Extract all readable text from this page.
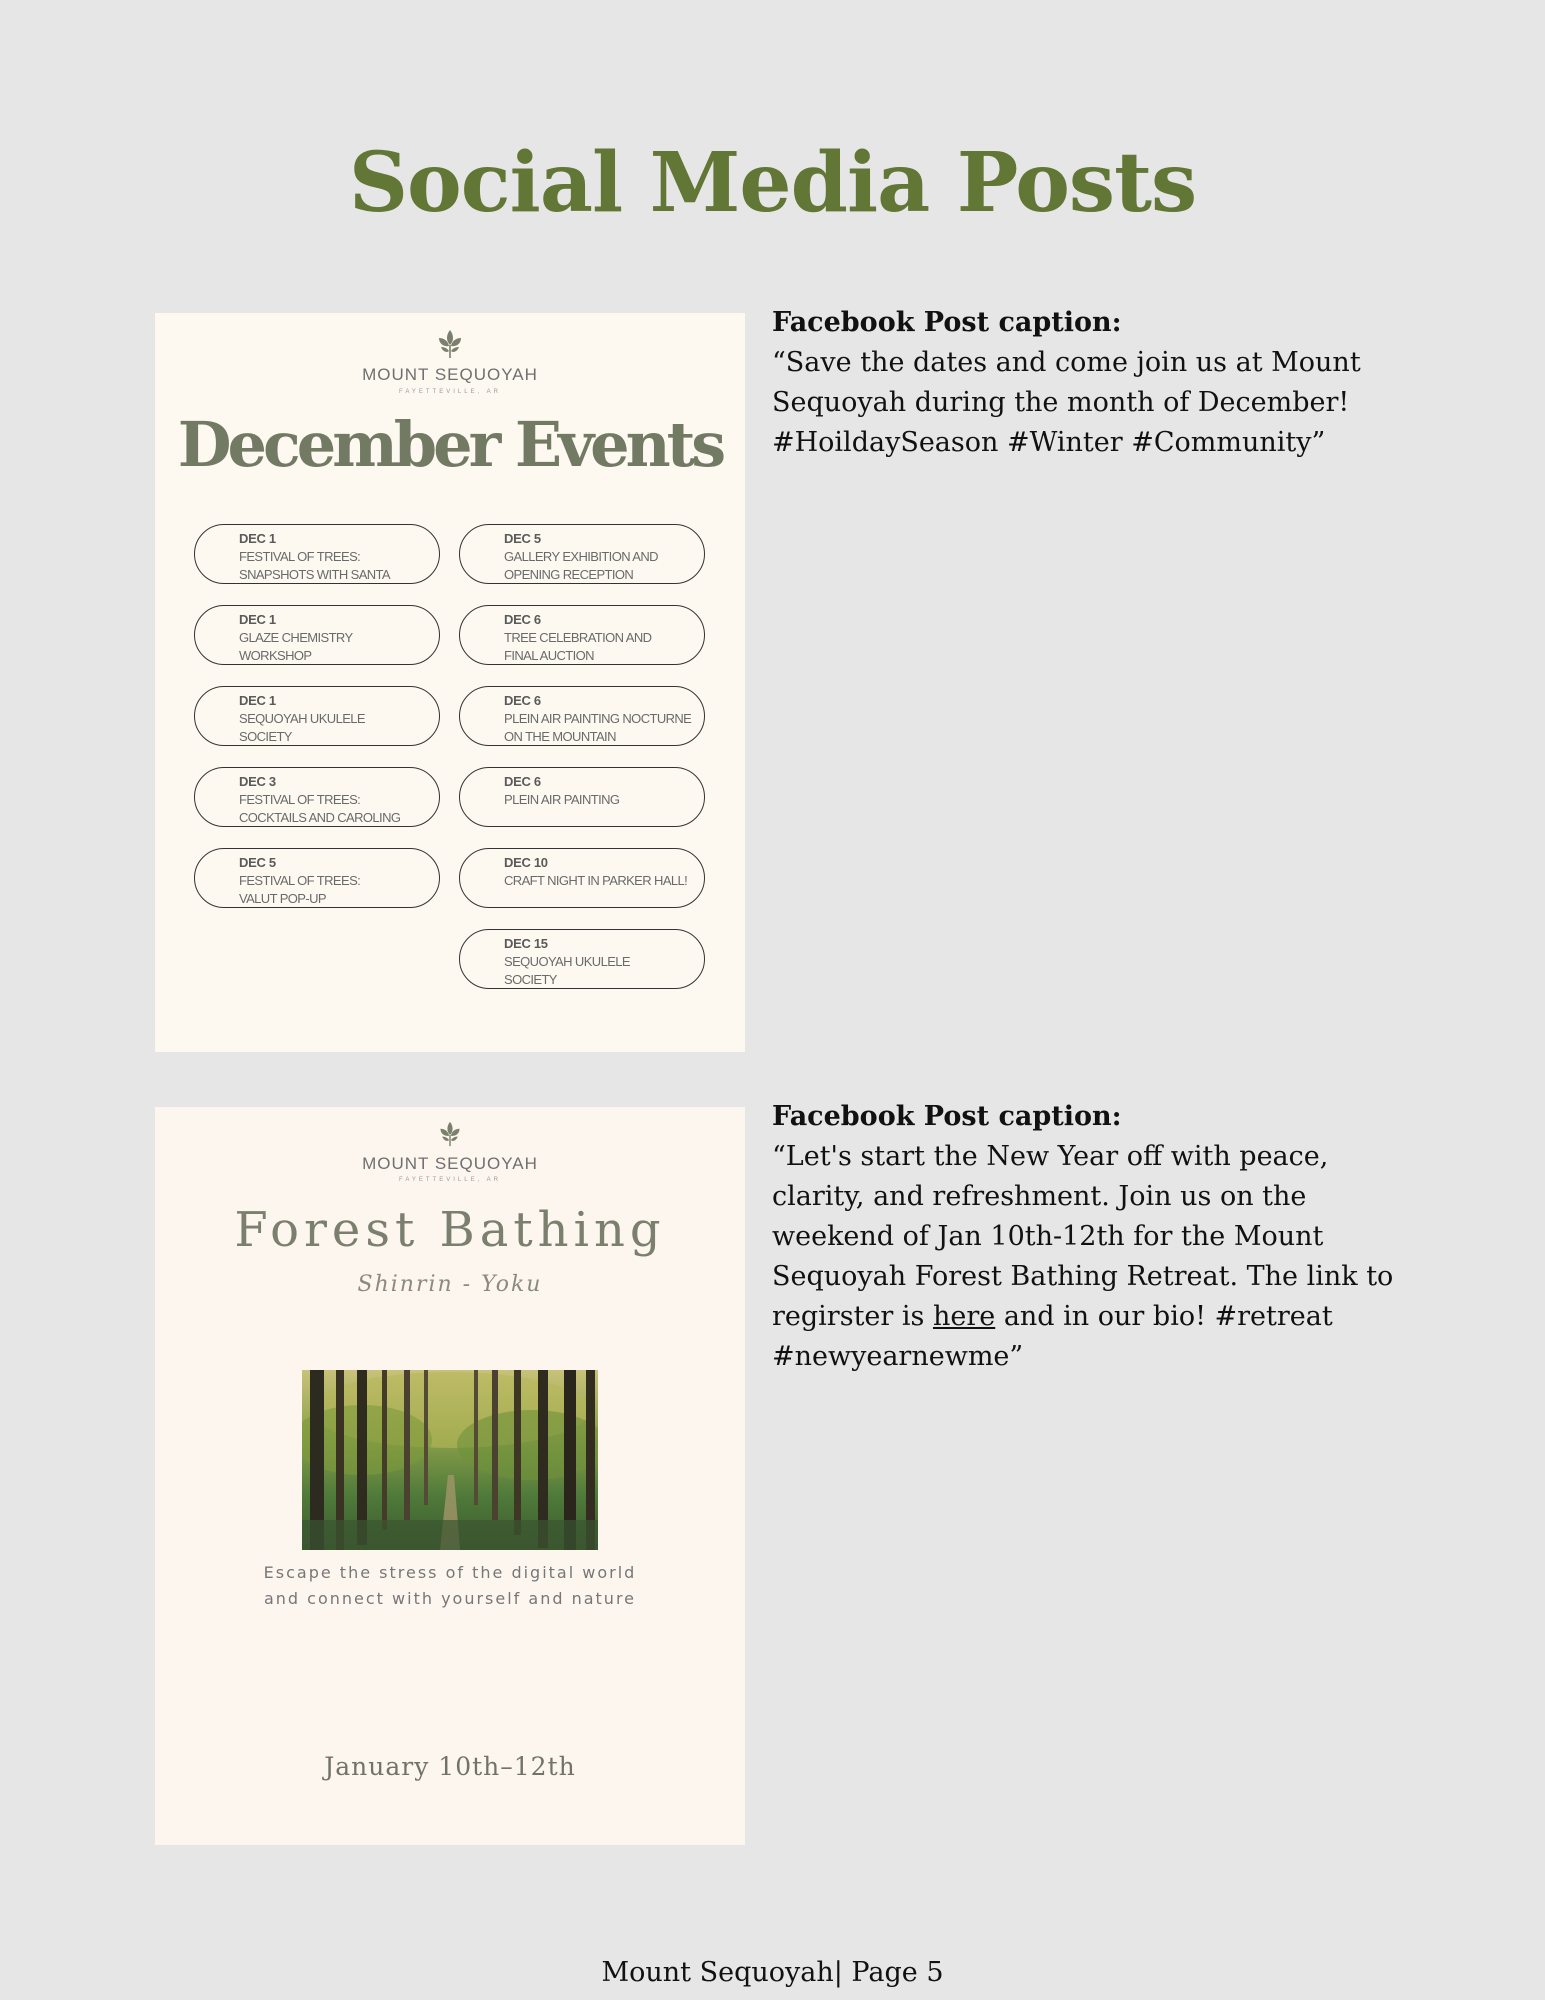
Social Media Posts
MOUNT SEQUOYAH
FAYETTEVILLE, AR
December Events
DEC 1
FESTIVAL OF TREES:
SNAPSHOTS WITH SANTA
DEC 1
GLAZE CHEMISTRY
WORKSHOP
DEC 1
SEQUOYAH UKULELE
SOCIETY
DEC 3
FESTIVAL OF TREES:
COCKTAILS AND CAROLING
DEC 5
FESTIVAL OF TREES:
VALUT POP-UP
DEC 5
GALLERY EXHIBITION AND
OPENING RECEPTION
DEC 6
TREE CELEBRATION AND
FINAL AUCTION
DEC 6
PLEIN AIR PAINTING NOCTURNE
ON THE MOUNTAIN
DEC 6
PLEIN AIR PAINTING
DEC 10
CRAFT NIGHT IN PARKER HALL!
DEC 15
SEQUOYAH UKULELE
SOCIETY
Facebook Post caption:
“Save the dates and come join us at Mount Sequoyah during the month of December! #HoildaySeason #Winter #Community”
MOUNT SEQUOYAH
FAYETTEVILLE, AR
Forest Bathing
Shinrin - Yoku
Escape the stress of the digital world and connect with yourself and nature
January 10th–12th
Facebook Post caption:
“Let's start the New Year off with peace, clarity, and refreshment. Join us on the weekend of Jan 10th-12th for the Mount Sequoyah Forest Bathing Retreat. The link to regirster is here and in our bio! #retreat #newyearnewme”
Mount Sequoyah| Page 5
